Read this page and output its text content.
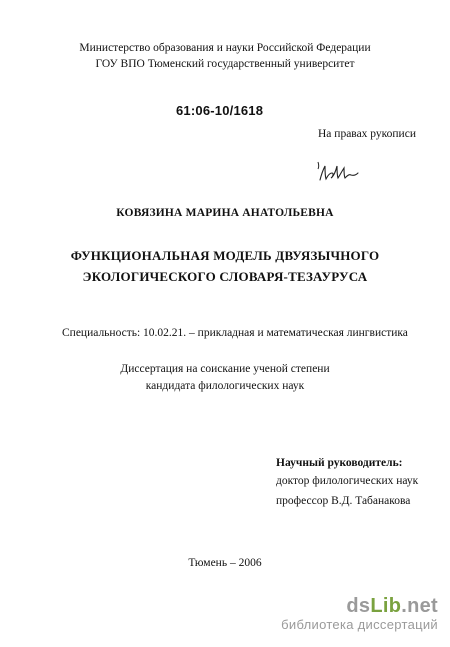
Министерство образования и науки Российской Федерации
ГОУ ВПО Тюменский государственный университет
61:06-10/1618
На правах рукописи
КОВЯЗИНА МАРИНА АНАТОЛЬЕВНА
ФУНКЦИОНАЛЬНАЯ МОДЕЛЬ ДВУЯЗЫЧНОГО
ЭКОЛОГИЧЕСКОГО СЛОВАРЯ-ТЕЗАУРУСА
Специальность: 10.02.21. – прикладная и математическая лингвистика
Диссертация на соискание ученой степени
кандидата филологических наук
Научный руководитель:
доктор филологических наук
профессор В.Д. Табанакова
Тюмень – 2006
dsLib.net
библиотека диссертаций
